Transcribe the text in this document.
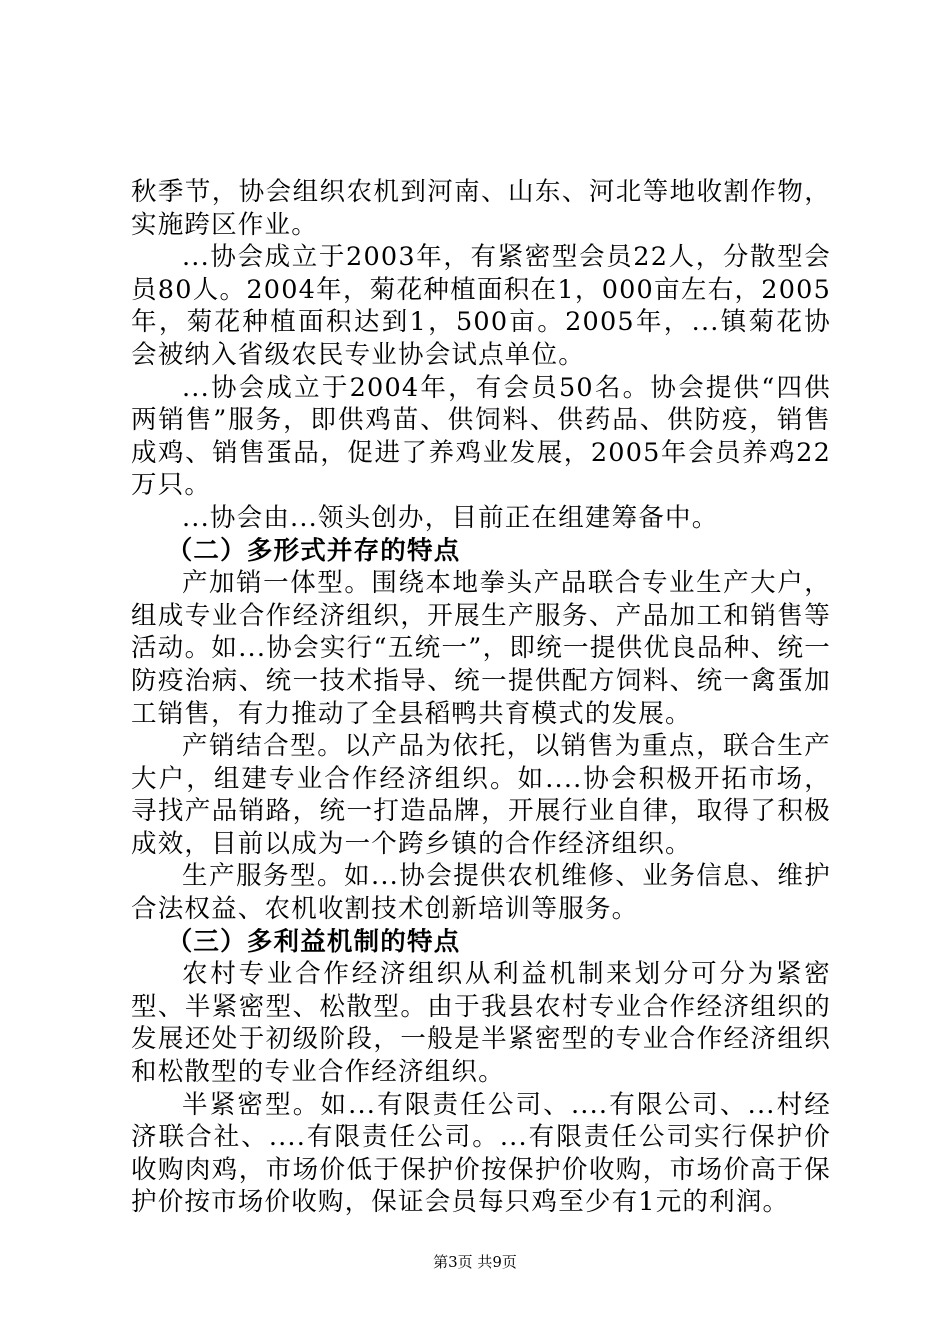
秋季节，协会组织农机到河南、山东、河北等地收割作物，实施跨区作业。

...协会成立于2003年，有紧密型会员22人，分散型会员80人。2004年，菊花种植面积在1，000亩左右，2005年，菊花种植面积达到1，500亩。2005年，...镇菊花协会被纳入省级农民专业协会试点单位。

...协会成立于2004年，有会员50名。协会提供“四供两销售”服务，即供鸡苗、供饲料、供药品、供防疫，销售成鸡、销售蛋品，促进了养鸡业发展，2005年会员养鸡22万只。

...协会由...领头创办，目前正在组建筹备中。

（二）多形式并存的特点

产加销一体型。围绕本地拳头产品联合专业生产大户，组成专业合作经济组织，开展生产服务、产品加工和销售等活动。如...协会实行“五统一”，即统一提供优良品种、统一防疫治病、统一技术指导、统一提供配方饲料、统一禽蛋加工销售，有力推动了全县稻鸭共育模式的发展。

产销结合型。以产品为依托，以销售为重点，联合生产大户，组建专业合作经济组织。如....协会积极开拓市场，寻找产品销路，统一打造品牌，开展行业自律，取得了积极成效，目前以成为一个跨乡镇的合作经济组织。

生产服务型。如...协会提供农机维修、业务信息、维护合法权益、农机收割技术创新培训等服务。

（三）多利益机制的特点

农村专业合作经济组织从利益机制来划分可分为紧密型、半紧密型、松散型。由于我县农村专业合作经济组织的发展还处于初级阶段，一般是半紧密型的专业合作经济组织和松散型的专业合作经济组织。

半紧密型。如...有限责任公司、....有限公司、...村经济联合社、....有限责任公司。...有限责任公司实行保护价收购肉鸡，市场价低于保护价按保护价收购，市场价高于保护价按市场价收购，保证会员每只鸡至少有1元的利润。

第3页 共9页
